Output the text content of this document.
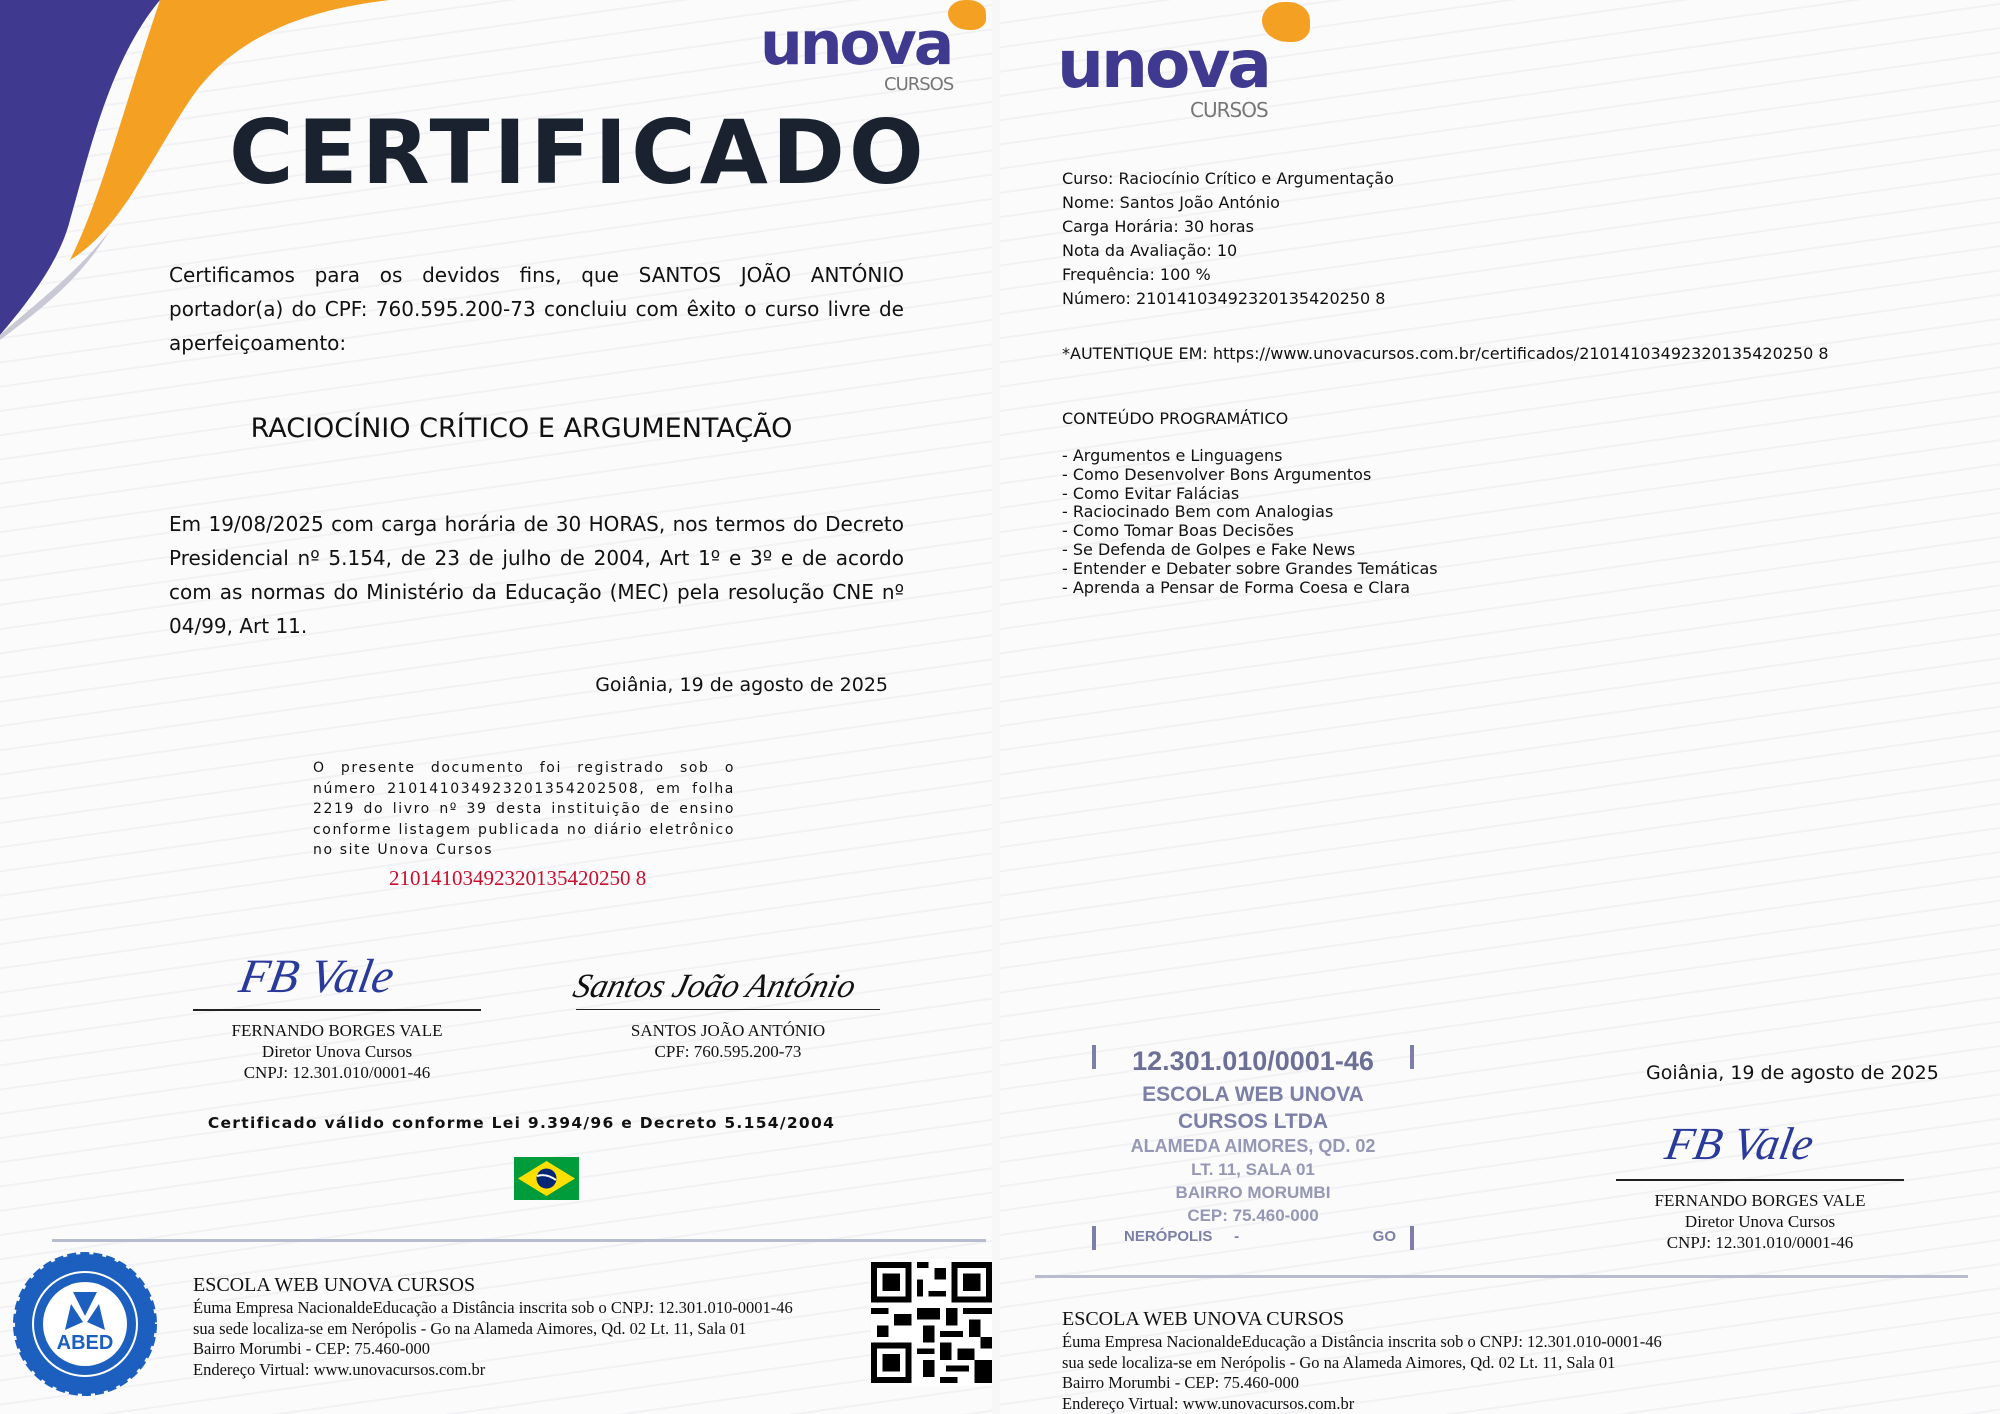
unova
CURSOS
CERTIFICADO
Certificamos para os devidos fins, que SANTOS JOÃO ANTÓNIO portador(a) do CPF: 760.595.200-73 concluiu com êxito o curso livre de aperfeiçoamento:
RACIOCÍNIO CRÍTICO E ARGUMENTAÇÃO
Em 19/08/2025 com carga horária de 30 HORAS, nos termos do Decreto Presidencial nº 5.154, de 23 de julho de 2004, Art 1º e 3º e de acordo com as normas do Ministério da Educação (MEC) pela resolução CNE nº 04/99, Art 11.
Goiânia, 19 de agosto de 2025
O presente documento foi registrado sob o número 210141034923201354202508, em folha 2219 do livro nº 39 desta instituição de ensino conforme listagem publicada no diário eletrônico no site Unova Cursos
21014103492320135420250 8
FB Vale
FERNANDO BORGES VALE
Diretor Unova Cursos
CNPJ: 12.301.010/0001-46
Santos João António
SANTOS JOÃO ANTÓNIO
CPF: 760.595.200-73
Certificado válido conforme Lei 9.394/96 e Decreto 5.154/2004
ABED
ESCOLA WEB UNOVA CURSOS
Éuma Empresa NacionaldeEducação a Distância inscrita sob o CNPJ: 12.301.010-0001-46
sua sede localiza-se em Nerópolis - Go na Alameda Aimores, Qd. 02 Lt. 11, Sala 01
Bairro Morumbi - CEP: 75.460-000
Endereço Virtual: www.unovacursos.com.br
unova
CURSOS
Curso: Raciocínio Crítico e Argumentação
Nome: Santos João António
Carga Horária: 30 horas
Nota da Avaliação: 10
Frequência: 100 %
Número: 21014103492320135420250 8
*AUTENTIQUE EM: https://www.unovacursos.com.br/certificados/21014103492320135420250 8
CONTEÚDO PROGRAMÁTICO
- Argumentos e Linguagens
- Como Desenvolver Bons Argumentos
- Como Evitar Falácias
- Raciocinado Bem com Analogias
- Como Tomar Boas Decisões
- Se Defenda de Golpes e Fake News
- Entender e Debater sobre Grandes Temáticas
- Aprenda a Pensar de Forma Coesa e Clara
12.301.010/0001-46
ESCOLA WEB UNOVA
CURSOS LTDA
ALAMEDA AIMORES, QD. 02
LT. 11, SALA 01
BAIRRO MORUMBI
CEP: 75.460-000
NERÓPOLIS -	GO
Goiânia, 19 de agosto de 2025
FB Vale
FERNANDO BORGES VALE
Diretor Unova Cursos
CNPJ: 12.301.010/0001-46
ESCOLA WEB UNOVA CURSOS
Éuma Empresa NacionaldeEducação a Distância inscrita sob o CNPJ: 12.301.010-0001-46
sua sede localiza-se em Nerópolis - Go na Alameda Aimores, Qd. 02 Lt. 11, Sala 01
Bairro Morumbi - CEP: 75.460-000
Endereço Virtual: www.unovacursos.com.br
